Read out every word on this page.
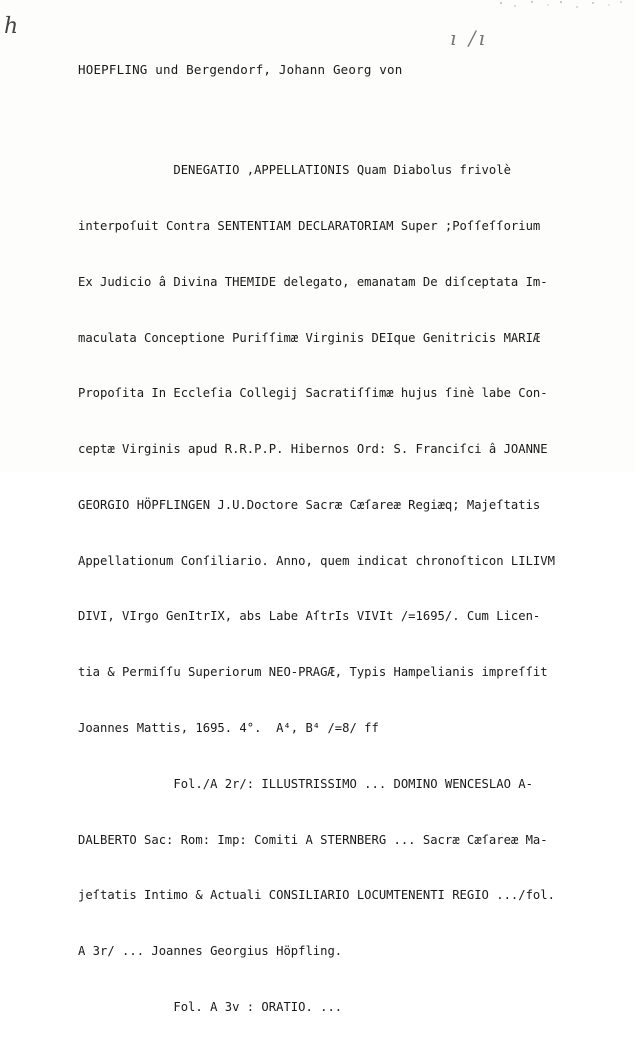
h	ı /ı
HOEPFLING und Bergendorf, Johann Georg von

DENEGATIO ,APPELLATIONIS Quam Diabolus frivolè

interpoſuit Contra SENTENTIAM DECLARATORIAM Super ;Poſſeſſorium

Ex Judicio â Divina THEMIDE delegato, emanatam De diſceptata Im-

maculata Conceptione Puriſſimæ Virginis DEIque Genitricis MARIÆ

Propoſita In Eccleſia Collegij Sacratiſſimæ hujus ſinè labe Con-

ceptæ Virginis apud R.R.P.P. Hibernos Ord: S. Franciſci â JOANNE

GEORGIO HÖPFLINGEN J.U.Doctore Sacræ Cæſareæ Regiæq; Majeſtatis

Appellationum Conſiliario. Anno, quem indicat chronoſticon LILIVM

DIVI, VIrgo GenItrIX, abs Labe AſtrIs VIVIt /=1695/. Cum Licen-

tia & Permiſſu Superiorum NEO-PRAGÆ, Typis Hampelianis impreſſit

Joannes Mattis, 1695. 4°.  A⁴, B⁴ /=8/ ff

Fol./A 2r/: ILLUSTRISSIMO ... DOMINO WENCESLAO A-

DALBERTO Sac: Rom: Imp: Comiti A STERNBERG ... Sacræ Cæſareæ Ma-

jeſtatis Intimo & Actuali CONSILIARIO LOCUMTENENTI REGIO .../fol.

A 3r/ ... Joannes Georgius Höpfling.

Fol. A 3v : ORATIO. ...
